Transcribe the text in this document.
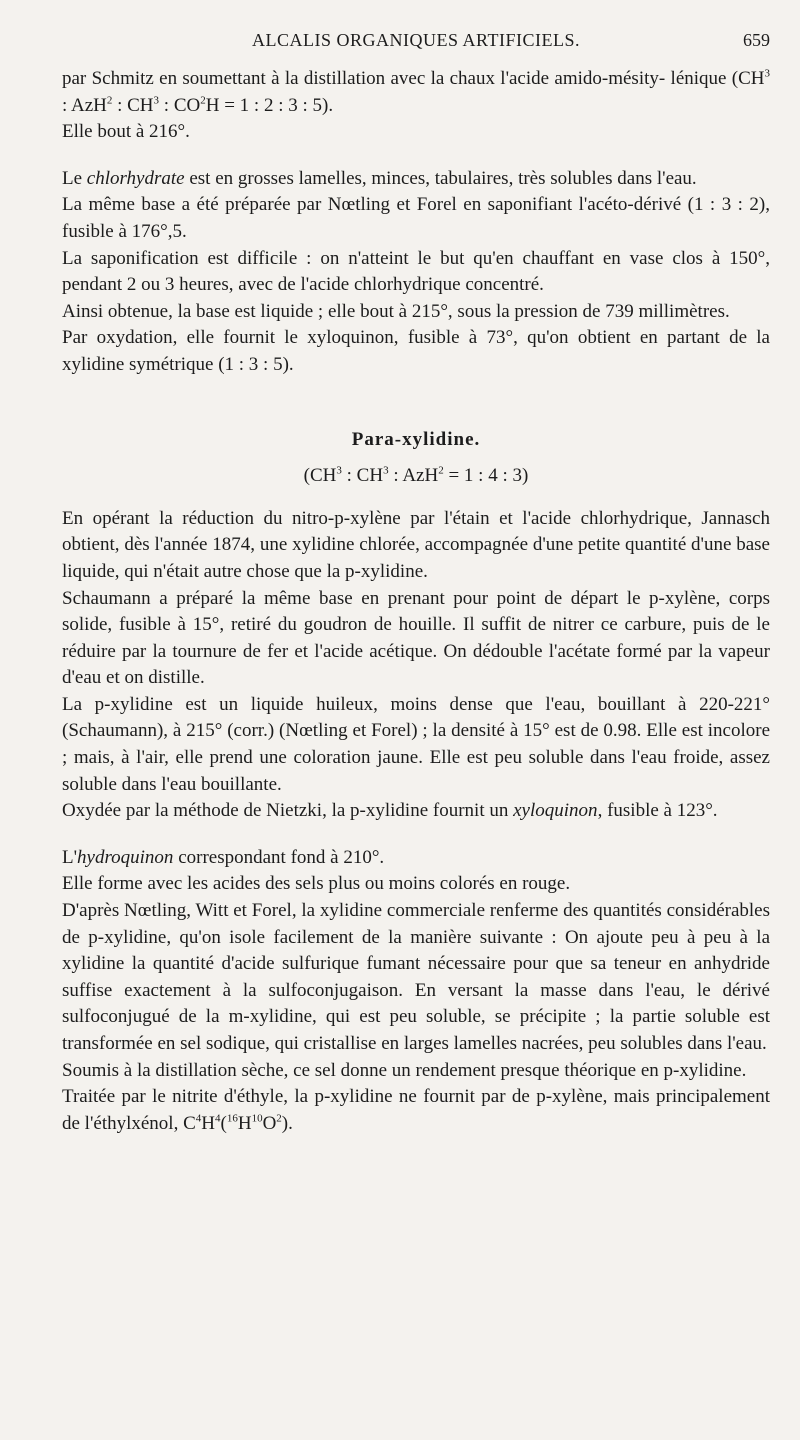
ALCALIS ORGANIQUES ARTIFICIELS.	659

par Schmitz en soumettant à la distillation avec la chaux l'acide amido-mésity- lénique ($CH^3$ : AzH$^2$ : $CH^3$ : $CO^2H = 1$ : 2 : 3 : 5).

Elle bout à 216°.

Le chlorhydrate est en grosses lamelles, minces, tabulaires, très solubles dans l'eau.

La même base a été préparée par Nœtling et Forel en saponifiant l'acéto-dérivé (1 : 3 : 2), fusible à 176°,5.

La saponification est difficile : on n'atteint le but qu'en chauffant en vase clos à 150°, pendant 2 ou 3 heures, avec de l'acide chlorhydrique concentré.

Ainsi obtenue, la base est liquide ; elle bout à 215°, sous la pression de 739 millimètres.

Par oxydation, elle fournit le xyloquinon, fusible à 73°, qu'on obtient en partant de la xylidine symétrique (1 : 3 : 5).

Para-xylidine.
($CH^3$ : $CH^3$ : AzH$^2$ = 1 : 4 : 3)

En opérant la réduction du nitro-p-xylène par l'étain et l'acide chlorhydrique, Jannasch obtient, dès l'année 1874, une xylidine chlorée, accompagnée d'une petite quantité d'une base liquide, qui n'était autre chose que la p-xylidine.

Schaumann a préparé la même base en prenant pour point de départ le p-xylène, corps solide, fusible à 15°, retiré du goudron de houille. Il suffit de nitrer ce carbure, puis de le réduire par la tournure de fer et l'acide acétique. On dédouble l'acétate formé par la vapeur d'eau et on distille.

La p-xylidine est un liquide huileux, moins dense que l'eau, bouillant à 220-221° (Schaumann), à 215° (corr.) (Nœtling et Forel) ; la densité à 15° est de 0.98. Elle est incolore ; mais, à l'air, elle prend une coloration jaune. Elle est peu soluble dans l'eau froide, assez soluble dans l'eau bouillante.

Oxydée par la méthode de Nietzki, la p-xylidine fournit un xyloquinon, fusible à 123°.

L'hydroquinon correspondant fond à 210°.

Elle forme avec les acides des sels plus ou moins colorés en rouge.

D'après Nœtling, Witt et Forel, la xylidine commerciale renferme des quantités considérables de p-xylidine, qu'on isole facilement de la manière suivante : On ajoute peu à peu à la xylidine la quantité d'acide sulfurique fumant nécessaire pour que sa teneur en anhydride suffise exactement à la sulfoconjugaison. En versant la masse dans l'eau, le dérivé sulfoconjugué de la m-xylidine, qui est peu soluble, se précipite ; la partie soluble est transformée en sel sodique, qui cristallise en larges lamelles nacrées, peu solubles dans l'eau.

Soumis à la distillation sèche, ce sel donne un rendement presque théorique en p-xylidine.

Traitée par le nitrite d'éthyle, la p-xylidine ne fournit par de p-xylène, mais principalement de l'éthylxénol, $C^4H^4(^{16}H^{10}O^2)$.
